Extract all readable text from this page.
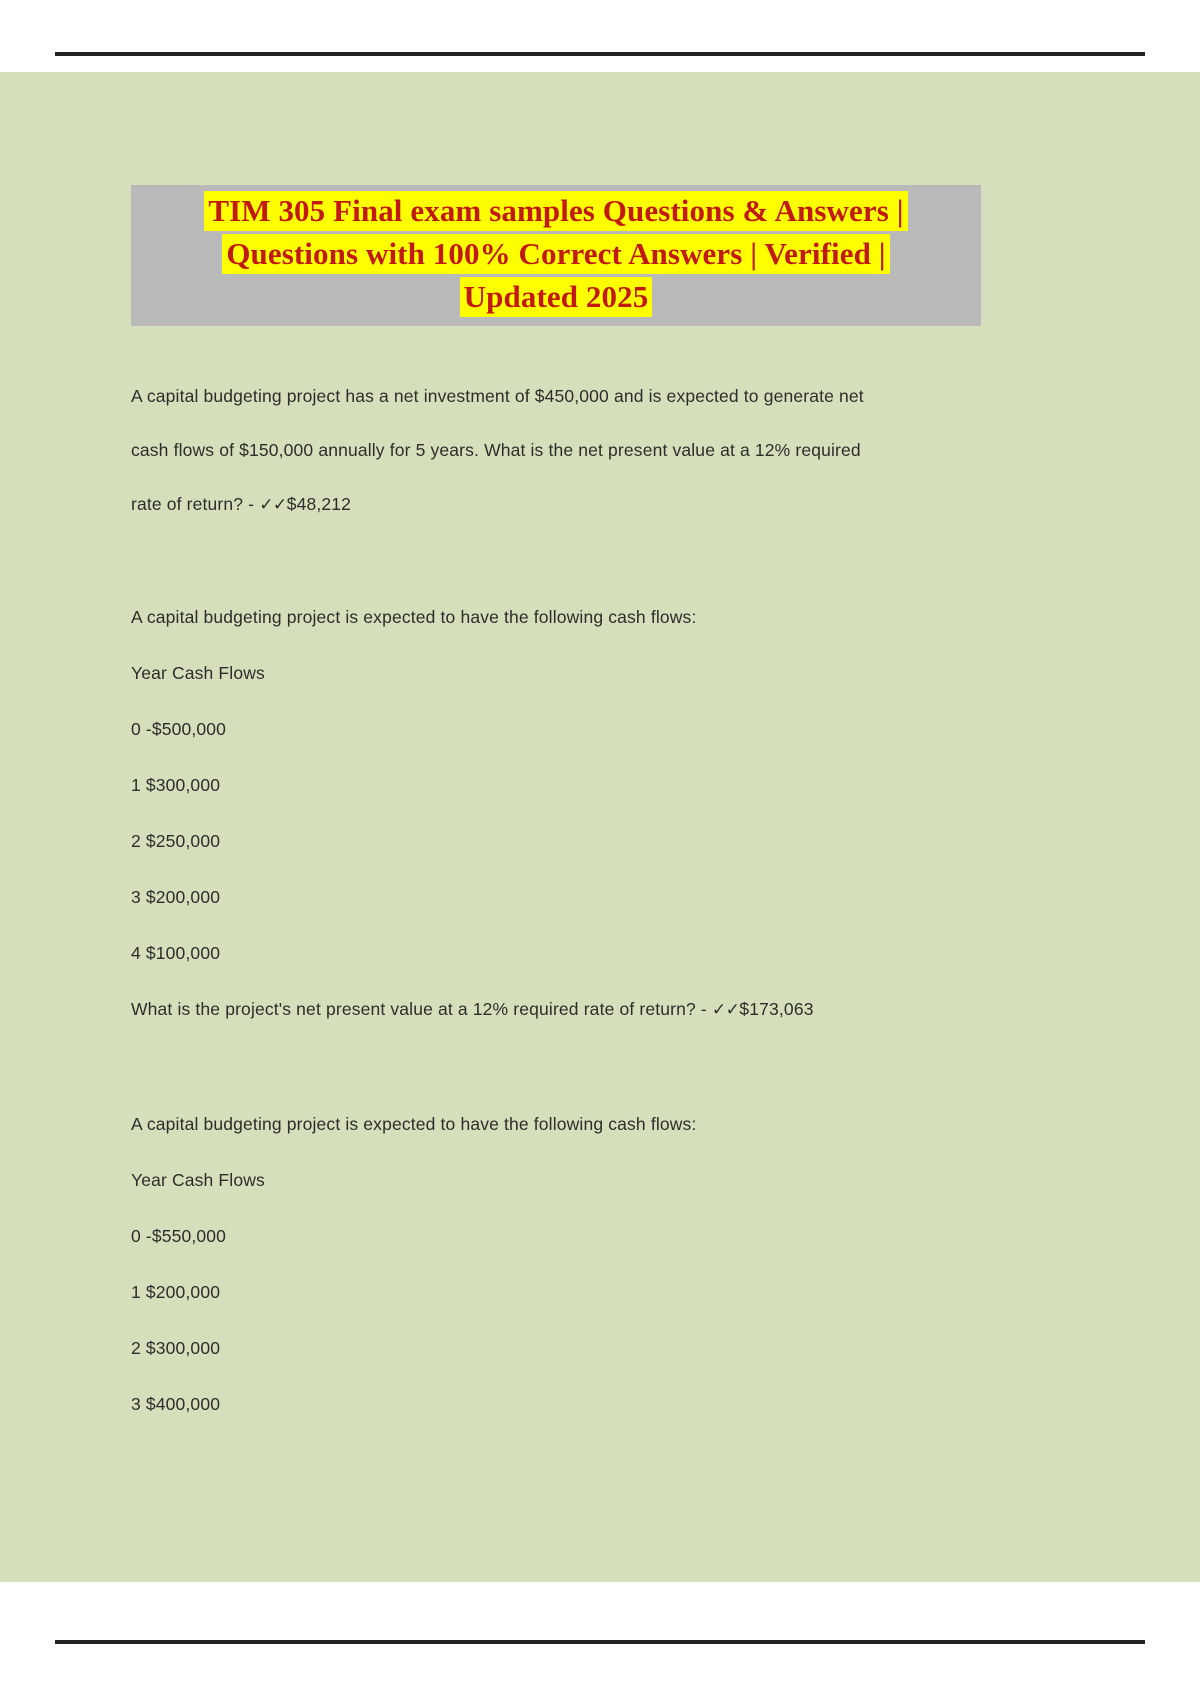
TIM 305 Final exam samples Questions & Answers |
Questions with 100% Correct Answers | Verified |
Updated 2025

A capital budgeting project has a net investment of $450,000 and is expected to generate net

cash flows of $150,000 annually for 5 years. What is the net present value at a 12% required

rate of return? - ✓✓$48,212

A capital budgeting project is expected to have the following cash flows:

Year Cash Flows

0 -$500,000

1 $300,000

2 $250,000

3 $200,000

4 $100,000

What is the project's net present value at a 12% required rate of return? - ✓✓$173,063

A capital budgeting project is expected to have the following cash flows:

Year Cash Flows

0 -$550,000

1 $200,000

2 $300,000

3 $400,000
